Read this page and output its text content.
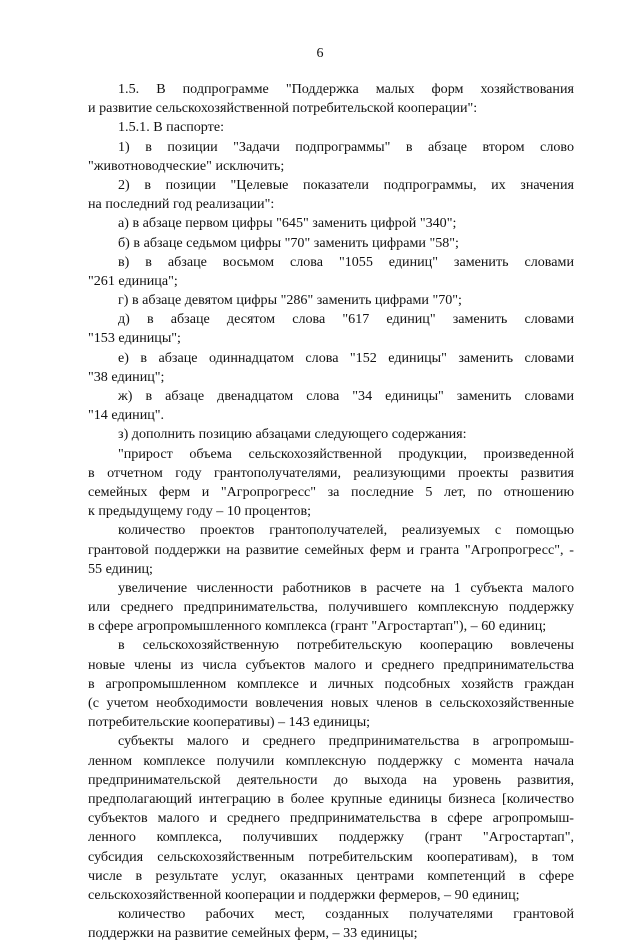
6
1.5. В подпрограмме "Поддержка малых форм хозяйствования
и развитие сельскохозяйственной потребительской кооперации":
1.5.1. В паспорте:
1) в позиции "Задачи подпрограммы" в абзаце втором слово
"животноводческие" исключить;
2) в позиции "Целевые показатели подпрограммы, их значения
на последний год реализации":
а) в абзаце первом цифры "645" заменить цифрой "340";
б) в абзаце седьмом цифры "70" заменить цифрами "58";
в) в абзаце восьмом слова "1055 единиц" заменить словами
"261 единица";
г) в абзаце девятом цифры "286" заменить цифрами "70";
д) в абзаце десятом слова "617 единиц" заменить словами
"153 единицы";
е) в абзаце одиннадцатом слова "152 единицы" заменить словами
"38 единиц";
ж) в абзаце двенадцатом слова "34 единицы" заменить словами
"14 единиц".
з) дополнить позицию абзацами следующего содержания:
"прирост объема сельскохозяйственной продукции, произведенной
в отчетном году грантополучателями, реализующими проекты развития
семейных ферм и "Агропрогресс" за последние 5 лет, по отношению
к предыдущему году – 10 процентов;
количество проектов грантополучателей, реализуемых с помощью
грантовой поддержки на развитие семейных ферм и гранта "Агропрогресс", -
55 единиц;
увеличение численности работников в расчете на 1 субъекта малого
или среднего предпринимательства, получившего комплексную поддержку
в сфере агропромышленного комплекса (грант "Агростартап"), – 60 единиц;
в сельскохозяйственную потребительскую кооперацию вовлечены
новые члены из числа субъектов малого и среднего предпринимательства
в агропромышленном комплексе и личных подсобных хозяйств граждан
(с учетом необходимости вовлечения новых членов в сельскохозяйственные
потребительские кооперативы) – 143 единицы;
субъекты малого и среднего предпринимательства в агропромыш-
ленном комплексе получили комплексную поддержку с момента начала
предпринимательской деятельности до выхода на уровень развития,
предполагающий интеграцию в более крупные единицы бизнеса [количество
субъектов малого и среднего предпринимательства в сфере агропромыш-
ленного комплекса, получивших поддержку (грант "Агростартап",
субсидия сельскохозяйственным потребительским кооперативам), в том
числе в результате услуг, оказанных центрами компетенций в сфере
сельскохозяйственной кооперации и поддержки фермеров, – 90 единиц;
количество рабочих мест, созданных получателями грантовой
поддержки на развитие семейных ферм, – 33 единицы;
